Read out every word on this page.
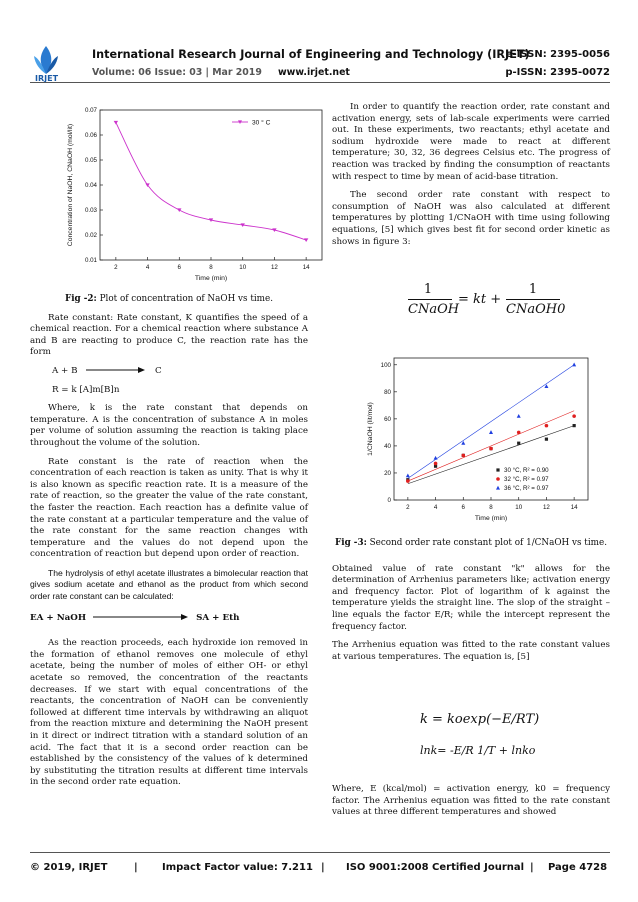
IRJET
International Research Journal of Engineering and Technology (IRJET)
e-ISSN: 2395-0056
Volume: 06 Issue: 03 | Mar 2019 www.irjet.net	p-ISSN: 2395-0072
2	4	6	8	10	12	14
0.01
0.02
0.03
0.04
0.05
0.06
0.07
Time (min)
Concentration of NaOH, CNaOH (mol/lit)
30 ° C

Fig -2: Plot of concentration of NaOH vs time.

Rate constant: Rate constant, K quantifies the speed of a chemical reaction. For a chemical reaction where substance A and B are reacting to produce C, the reaction rate has the form

A + B	C

R = k [A]m[B]n

Where, k is the rate constant that depends on temperature. A is the concentration of substance A in moles per volume of solution assuming the reaction is taking place throughout the volume of the solution.

Rate constant is the rate of reaction when the concentration of each reaction is taken as unity. That is why it is also known as specific reaction rate. It is a measure of the rate of reaction, so the greater the value of the rate constant, the faster the reaction. Each reaction has a definite value of the rate constant at a particular temperature and the value of the rate constant for the same reaction changes with temperature and the values do not depend upon the concentration of reaction but depend upon order of reaction.

The hydrolysis of ethyl acetate illustrates a bimolecular reaction that gives sodium acetate and ethanol as the product from which second order rate constant can be calculated:

EA + NaOH	SA + Eth

As the reaction proceeds, each hydroxide ion removed in the formation of ethanol removes one molecule of ethyl acetate, being the number of moles of either OH- or ethyl acetate so removed, the concentration of the reactants decreases. If we start with equal concentrations of the reactants, the concentration of NaOH can be conveniently followed at different time intervals by withdrawing an aliquot from the reaction mixture and determining the NaOH present in it direct or indirect titration with a standard solution of an acid. The fact that it is a second order reaction can be established by the consistency of the values of k determined by substituting the titration results at different time intervals in the second order rate equation.

In order to quantify the reaction order, rate constant and activation energy, sets of lab-scale experiments were carried out. In these experiments, two reactants; ethyl acetate and sodium hydroxide were made to react at different temperature; 30, 32, 36 degrees Celsius etc. The progress of reaction was tracked by finding the consumption of reactants with respect to time by mean of acid-base titration.

The second order rate constant with respect to consumption of NaOH was also calculated at different temperatures by plotting 1/CNaOH with time using following equations, [5] which gives best fit for second order kinetic as shows in figure 3:

1
CNaOH
= kt +
1
CNaOH0
2	4	6	8	10	12	14
0
20
40
60
80
100
Time (min)
1/CNaOH (lit/mol)
30 °C, R² = 0.90
32 °C, R² = 0.97
36 °C, R² = 0.97

Fig -3: Second order rate constant plot of 1/CNaOH vs time.

Obtained value of rate constant "k" allows for the determination of Arrhenius parameters like; activation energy and frequency factor. Plot of logarithm of k against the temperature yields the straight line. The slop of the straight –line equals the factor E/R; while the intercept represent the frequency factor.

The Arrhenius equation was fitted to the rate constant values at various temperatures. The equation is, [5]

k = koexp(−E/RT)
lnk= -E/R 1/T + lnko

Where, E (kcal/mol) = activation energy, k0 = frequency factor. The Arrhenius equation was fitted to the rate constant values at three different temperatures and showed

© 2019, IRJET	| Impact Factor value: 7.211 | ISO 9001:2008 Certified Journal | Page 4728
